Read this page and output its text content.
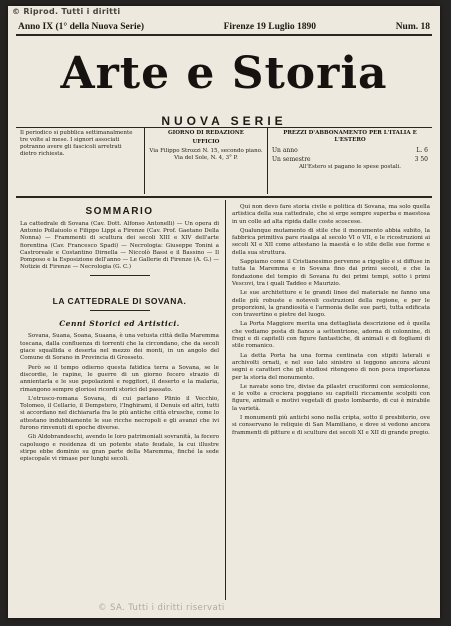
© Riprod. Tutti i diritti
Anno IX (1° della Nuova Serie)	Firenze 19 Luglio 1890	Num. 18
Arte e Storia
NUOVA SERIE
Il periodico si pubblica settimanalmente tre volte al mese. I signori associati potranno avere gli fascicoli arretrati dietro richiesta.
GIORNO DI REDAZIONE
UFFICIO
Via Filippo Strozzi N. 15, secondo piano. Via del Sole, N. 4, 3° P.
PREZZI D'ABBONAMENTO PER L'ITALIA E L'ESTERO
Un anno	L. 6
Un semestre	3 50
All'Estero si pagano le spese postali.
SOMMARIO
La cattedrale di Sovana (Cav. Dott. Alfonso Antonelli) — Un opera di Antonio Pollaiuolo e Filippo Lippi a Firenze (Cav. Prof. Gaetano Della Nonna) — Frammenti di scultura dei secoli XIII e XIV dell'arte fiorentina (Cav. Francesco Spadi) — Necrologia: Giuseppe Tonini a Castroreale e Costantino Dirnella — Niccolò Bassi e il Bassino — Il Pomposo e la Esposizione dell'anno — Le Gallerie di Firenze (A. G.) — Notizie di Firenze — Necrologia (G. C.)
LA CATTEDRALE DI SOVANA.
Cenni Storici ed Artistici.

Sovana, Suana, Soana, Suaana, è una vetusta città della Maremma toscana, dalla confluenza di torrenti che la circondano, che da secoli giace squallida e deserta nel mezzo dei monti, in un angolo del Comune di Sorano in Provincia di Grosseto.

Però se il tempo odierno questa fatidica terra a Sovana, se le discordie, le rapine, le guerre di un giorno fecero strazio di annientarla e le sue popolazioni e reggitori, il deserto e la malaria, rimangono sempre gloriosi ricordi storici del passato.

L'etrusco-romana Sovana, di cui parlano Plinio il Vecchio, Tolomeo, il Cellario, il Dempstero, l'Inghirami, il Denuis ed altri, tutti si accordano nel dichiararla fra le più antiche città etrusche, come lo attestano indubbiamente le sue ricche necropoli e gli avanzi che ivi furono rinvenuti di epoche diverse.

Gli Aldobrandeschi, avendo le loro patrimoniali sovranità, la fecero capoluogo e residenza di un potente stato feudale, la cui illustre stirpe ebbe dominio su gran parte della Maremma, finché la sede episcopale vi rimase per lunghi secoli.

Qui non devo fare storia civile e politica di Sovana, ma solo quella artistica della sua cattedrale, che si erge sempre superba e maestosa in un colle ad alta ripida dalle coste scoscese.

Qualunque mutamento di stile che il monumento abbia subito, la fabbrica primitiva pare risalga al secolo VI o VII, e le ricostruzioni ai secoli XI e XII come attestano la maestà e lo stile delle sue forme e della sua struttura.

Sappiamo come il Cristianesimo pervenne a rigoglio e si diffuse in tutta la Maremma e in Sovana fino dai primi secoli, e che la fondazione del tempio di Sovana fu dei primi tempi, sotto i primi Vescovi, tra i quali Taddeo e Maurizio.

Le sue architetture e le grandi linee del materiale ne fanno una delle più robuste e notevoli costruzioni della regione, e per le proporzioni, la grandiosità e l'armonia delle sue parti, tutta edificata con travertino e pietre del luogo.

La Porta Maggiore merita una dettagliata descrizione ed è quella che vediamo posta di fianco a settentrione, adorna di colonnine, di fregi e di capitelli con figure fantastiche, di animali e di fogliami di stile romanico.

La detta Porta ha una forma centinata con stipiti laterali e archivolti ornati, e nel suo lato sinistro si leggono ancora alcuni segni e caratteri che gli studiosi ritengono di non poca importanza per la storia del monumento.

Le navate sono tre, divise da pilastri cruciformi con semicolonne, e le volte a crociera poggiano su capitelli riccamente scolpiti con figure, animali e motivi vegetali di gusto lombardo, di cui è mirabile la varietà.

I monumenti più antichi sono nella cripta, sotto il presbiterio, ove si conservano le reliquie di San Mamiliano, e dove si vedono ancora frammenti di pitture e di sculture dei secoli XI e XII di grande pregio.

© SA. Tutti i diritti riservati
